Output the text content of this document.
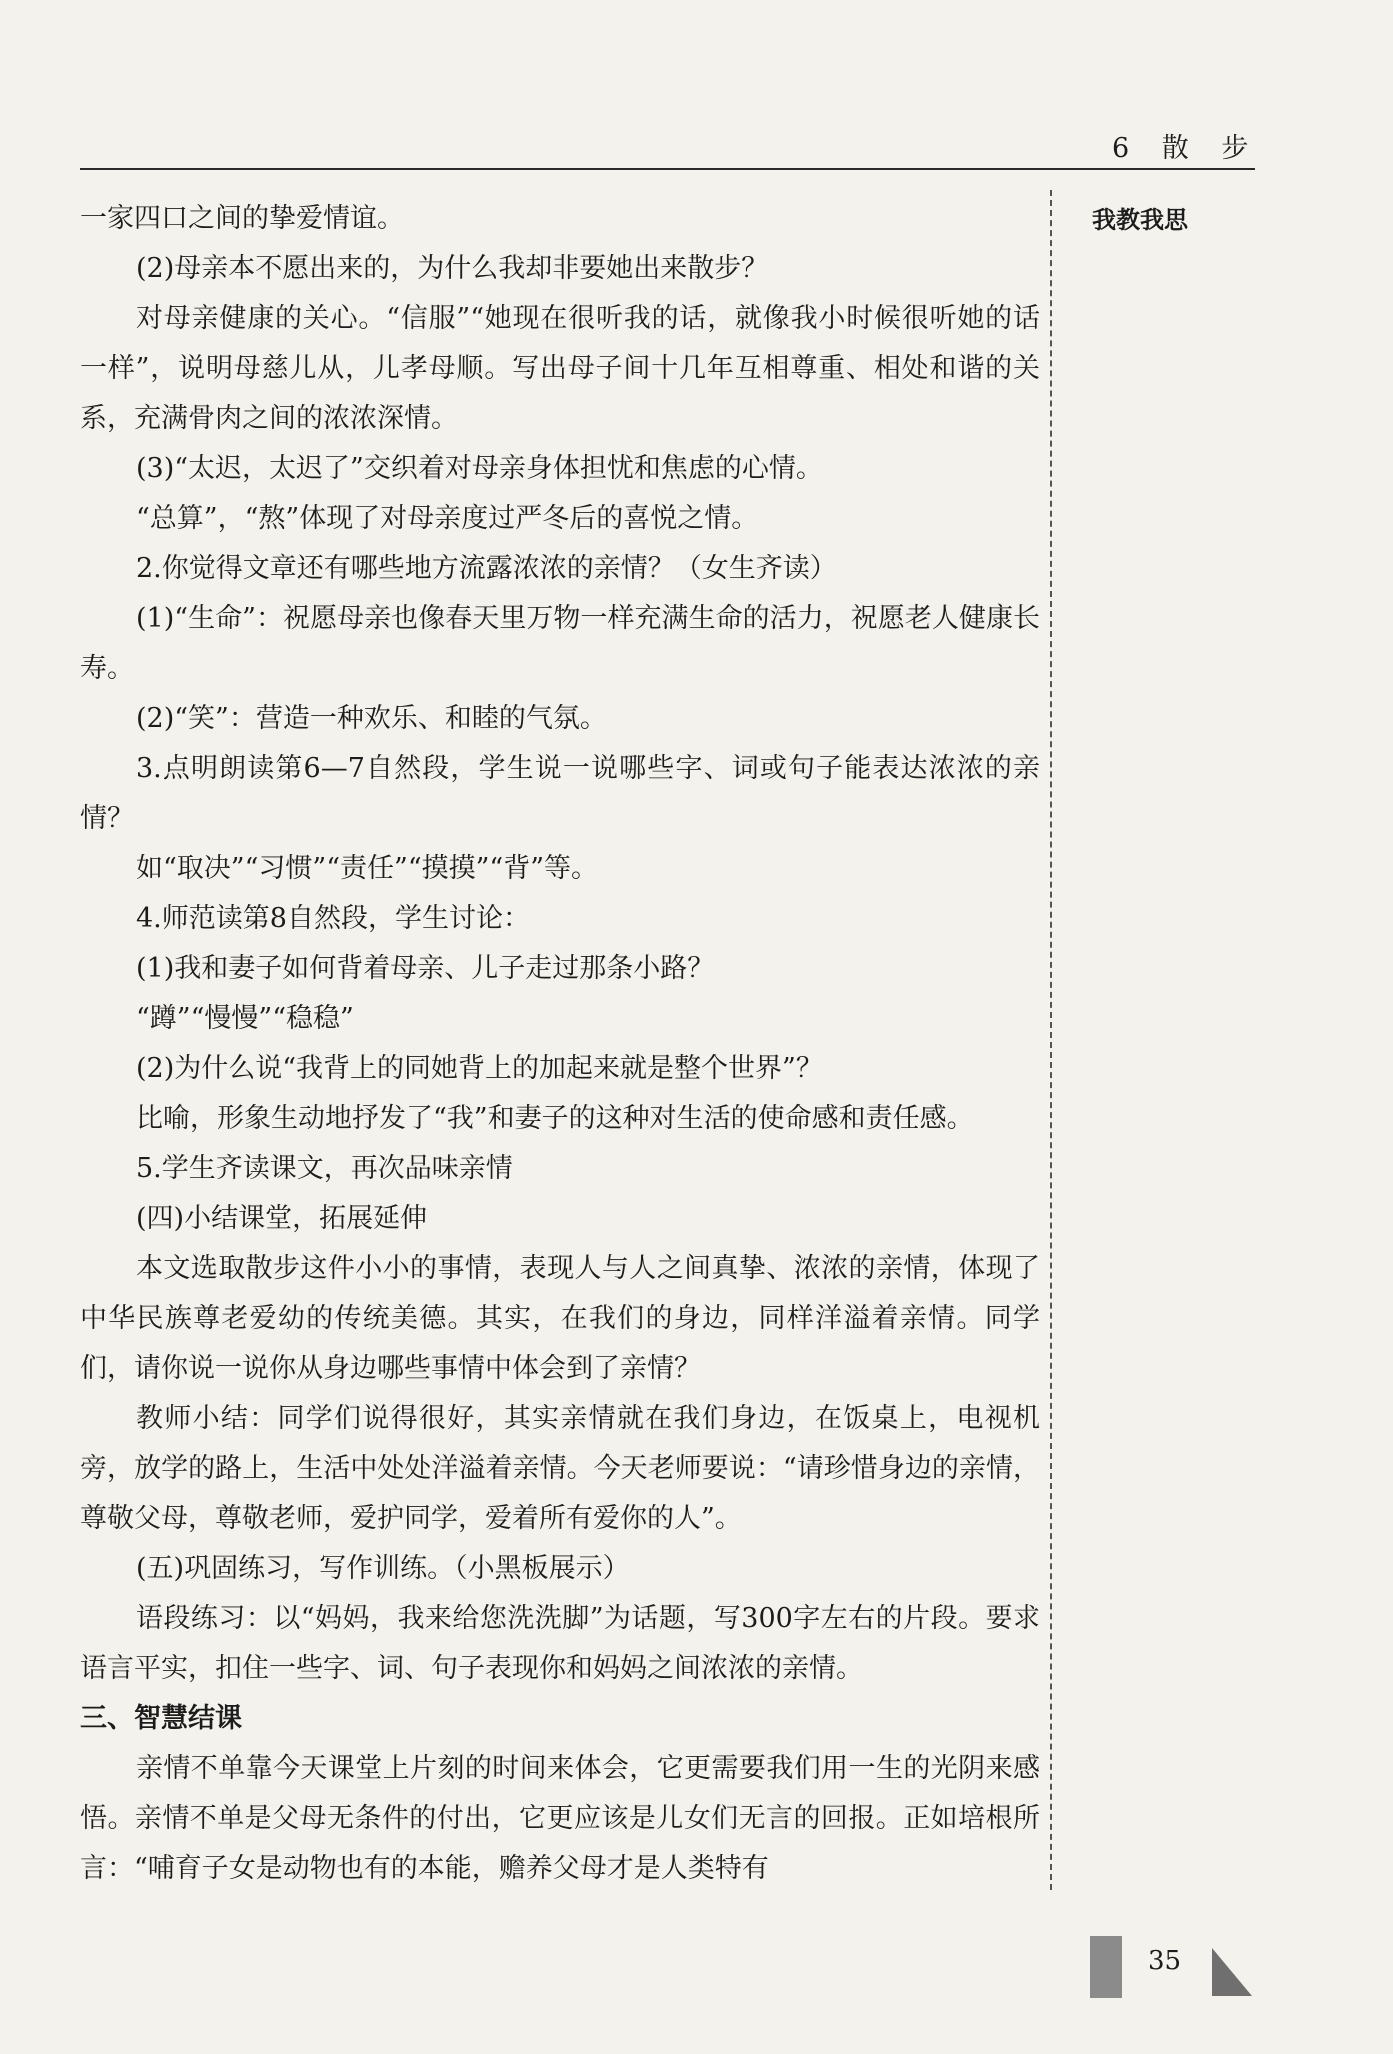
6 散 步
我教我思

一家四口之间的挚爱情谊。

(2)母亲本不愿出来的，为什么我却非要她出来散步？

对母亲健康的关心。“信服”“她现在很听我的话，就像我小时候很听她的话一样”，说明母慈儿从，儿孝母顺。写出母子间十几年互相尊重、相处和谐的关系，充满骨肉之间的浓浓深情。

(3)“太迟，太迟了”交织着对母亲身体担忧和焦虑的心情。

“总算”，“熬”体现了对母亲度过严冬后的喜悦之情。

2.你觉得文章还有哪些地方流露浓浓的亲情？（女生齐读）

(1)“生命”：祝愿母亲也像春天里万物一样充满生命的活力，祝愿老人健康长寿。

(2)“笑”：营造一种欢乐、和睦的气氛。

3.点明朗读第6—7自然段，学生说一说哪些字、词或句子能表达浓浓的亲情？

如“取决”“习惯”“责任”“摸摸”“背”等。

4.师范读第8自然段，学生讨论：

(1)我和妻子如何背着母亲、儿子走过那条小路？

“蹲”“慢慢”“稳稳”

(2)为什么说“我背上的同她背上的加起来就是整个世界”？

比喻，形象生动地抒发了“我”和妻子的这种对生活的使命感和责任感。

5.学生齐读课文，再次品味亲情

(四)小结课堂，拓展延伸

本文选取散步这件小小的事情，表现人与人之间真挚、浓浓的亲情，体现了中华民族尊老爱幼的传统美德。其实，在我们的身边，同样洋溢着亲情。同学们，请你说一说你从身边哪些事情中体会到了亲情？

教师小结：同学们说得很好，其实亲情就在我们身边，在饭桌上，电视机旁，放学的路上，生活中处处洋溢着亲情。今天老师要说：“请珍惜身边的亲情，尊敬父母，尊敬老师，爱护同学，爱着所有爱你的人”。

(五)巩固练习，写作训练。（小黑板展示）

语段练习：以“妈妈，我来给您洗洗脚”为话题，写300字左右的片段。要求语言平实，扣住一些字、词、句子表现你和妈妈之间浓浓的亲情。

三、智慧结课

亲情不单靠今天课堂上片刻的时间来体会，它更需要我们用一生的光阴来感悟。亲情不单是父母无条件的付出，它更应该是儿女们无言的回报。正如培根所言：“哺育子女是动物也有的本能，赡养父母才是人类特有

35
